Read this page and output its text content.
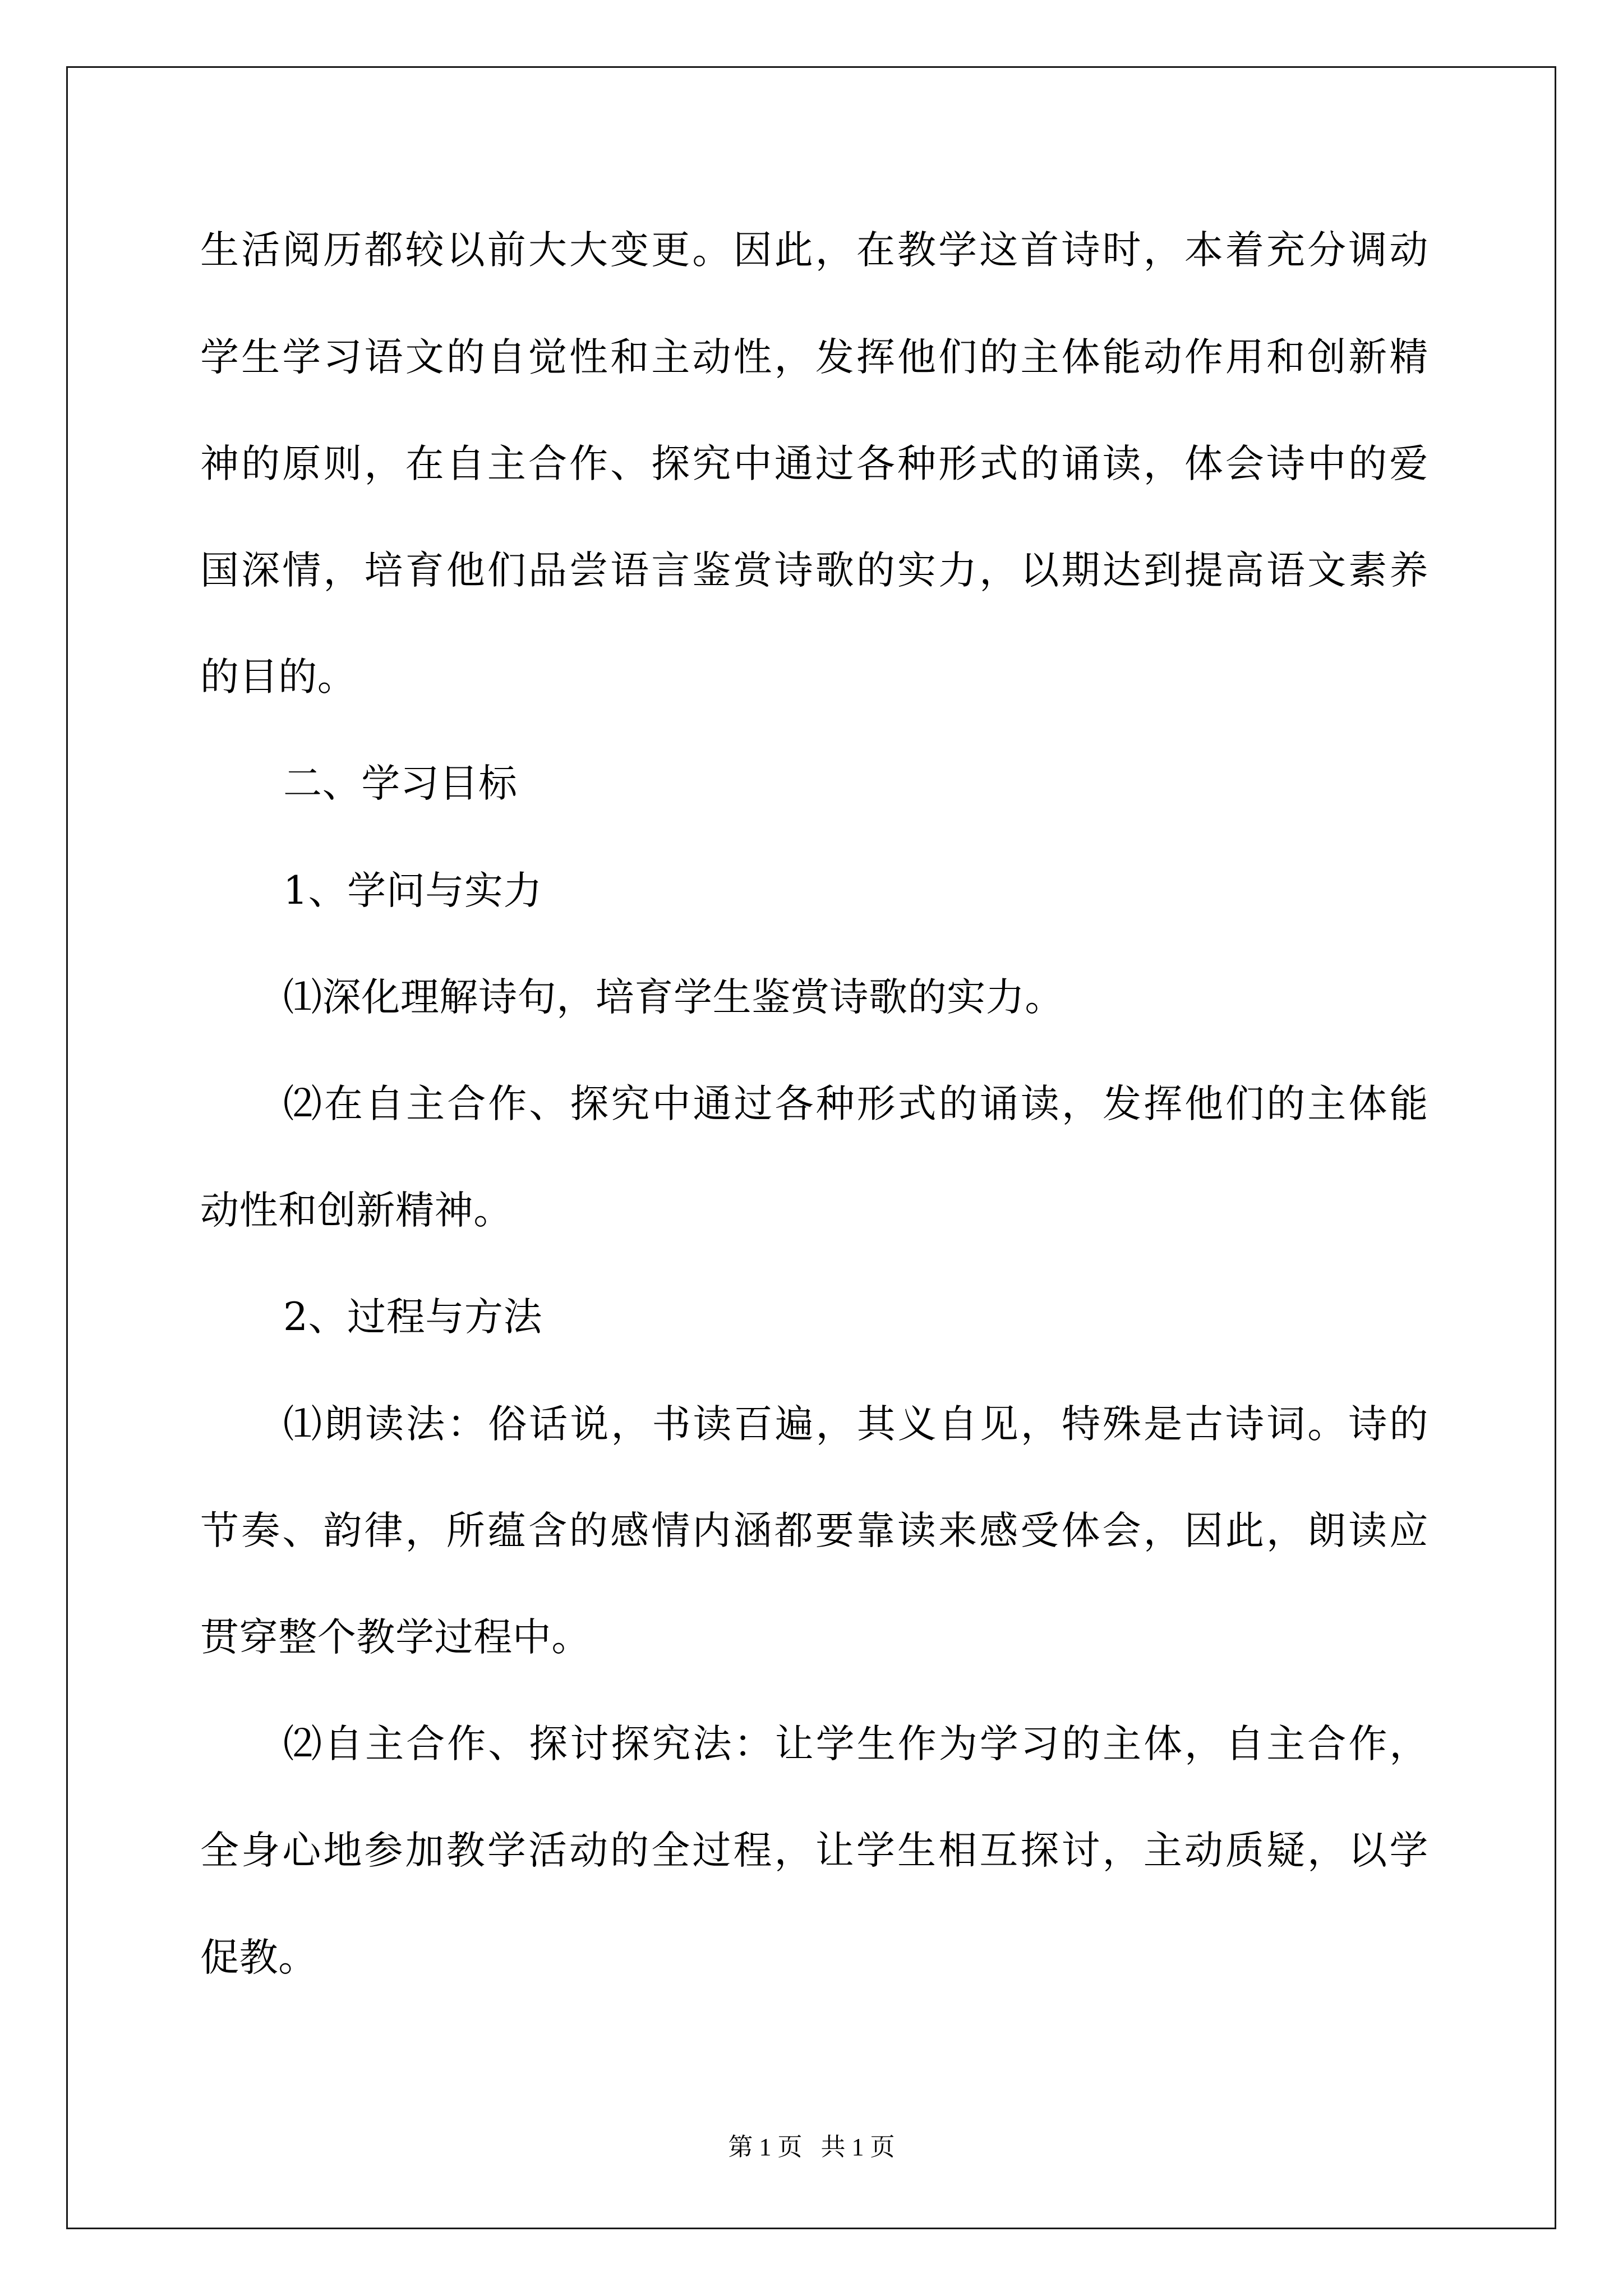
生活阅历都较以前大大变更。因此，在教学这首诗时，本着充分调动
学生学习语文的自觉性和主动性，发挥他们的主体能动作用和创新精
神的原则，在自主合作、探究中通过各种形式的诵读，体会诗中的爱
国深情，培育他们品尝语言鉴赏诗歌的实力，以期达到提高语文素养
的目的。
二、学习目标
1、学问与实力
⑴深化理解诗句，培育学生鉴赏诗歌的实力。
⑵在自主合作、探究中通过各种形式的诵读，发挥他们的主体能
动性和创新精神。
2、过程与方法
⑴朗读法：俗话说，书读百遍，其义自见，特殊是古诗词。诗的
节奏、韵律，所蕴含的感情内涵都要靠读来感受体会，因此，朗读应
贯穿整个教学过程中。
⑵自主合作、探讨探究法：让学生作为学习的主体，自主合作，
全身心地参加教学活动的全过程，让学生相互探讨，主动质疑，以学
促教。
第 1 页   共 1 页
